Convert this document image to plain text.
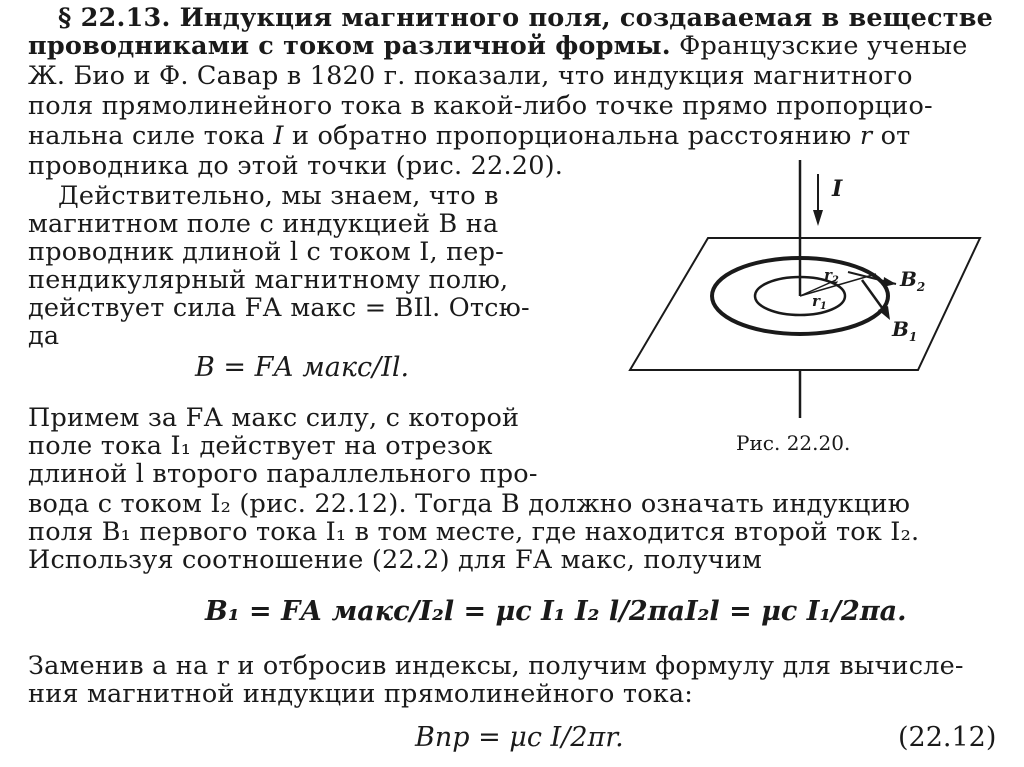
§ 22.13. Индукция магнитного поля, создаваемая в веществе
проводниками с током различной формы. Французские ученые
Ж. Био и Ф. Савар в 1820 г. показали, что индукция магнитного
поля прямолинейного тока в какой-либо точке прямо пропорцио-
нальна силе тока I и обратно пропорциональна расстоянию r от
проводника до этой точки (рис. 22.20).
Действительно, мы знаем, что в
магнитном поле с индукцией B на
проводник длиной l с током I, пер-
пендикулярный магнитному полю,
действует сила FА макс = BIl. Отсю-
да
B = FА макс/Il.
Примем за FА макс силу, с которой
поле тока I₁ действует на отрезок
длиной l второго параллельного про-
вода с током I₂ (рис. 22.12). Тогда B должно означать индукцию
поля B₁ первого тока I₁ в том месте, где находится второй ток I₂.
Используя соотношение (22.2) для FА макс, получим
B₁ = FА макс/I₂l = μс I₁ I₂ l/2πaI₂l = μс I₁/2πa.
Заменив a на r и отбросив индексы, получим формулу для вычисле-
ния магнитной индукции прямолинейного тока:
Bпр = μс I/2πr.	(22.12)
I
$r_2$
$r_1$
$B_2$
$B_1$
Рис. 22.20.
